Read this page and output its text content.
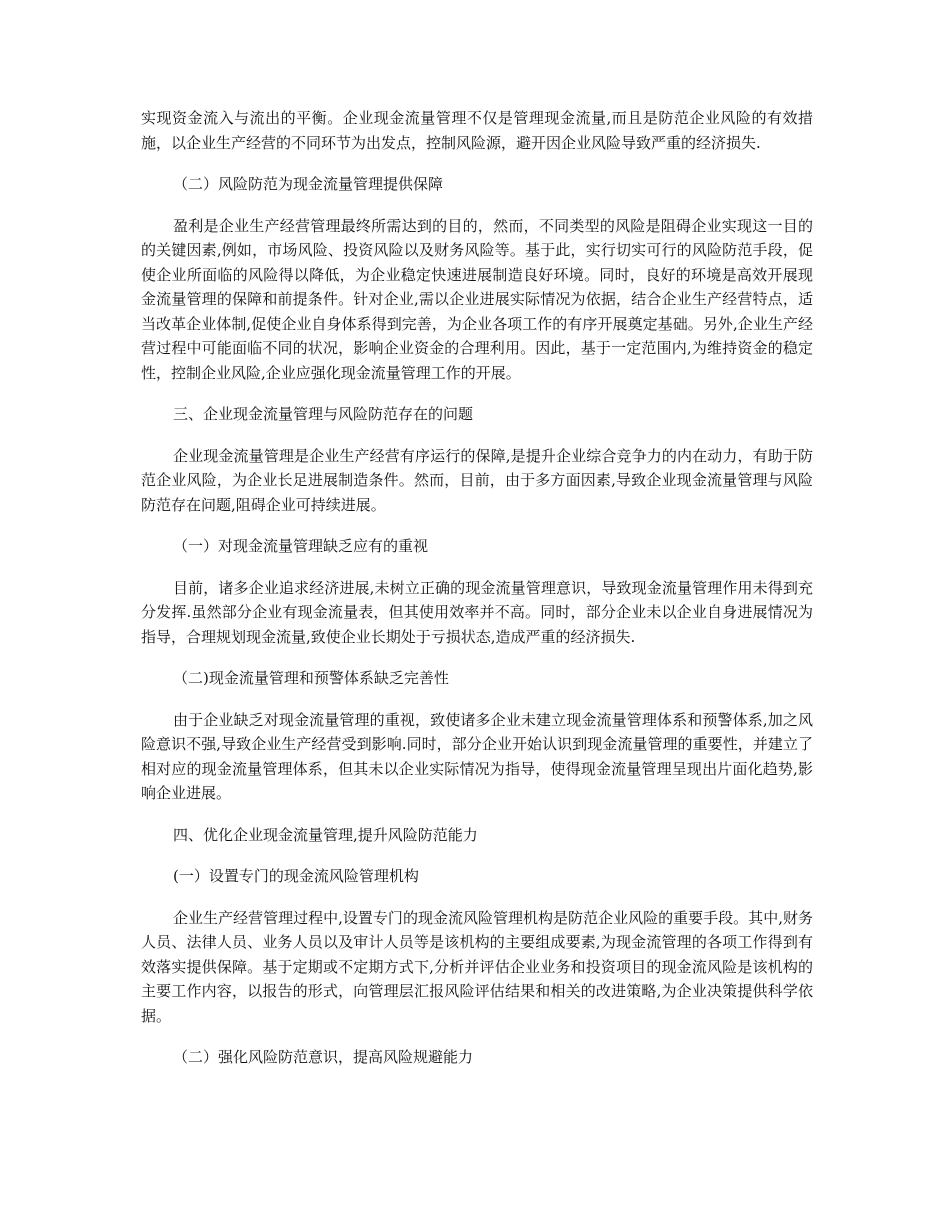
实现资金流入与流出的平衡。企业现金流量管理不仅是管理现金流量,而且是防范企业风险的有效措施，以企业生产经营的不同环节为出发点，控制风险源，避开因企业风险导致严重的经济损失.

（二）风险防范为现金流量管理提供保障

盈利是企业生产经营管理最终所需达到的目的，然而，不同类型的风险是阻碍企业实现这一目的的关键因素,例如，市场风险、投资风险以及财务风险等。基于此，实行切实可行的风险防范手段，促使企业所面临的风险得以降低，为企业稳定快速进展制造良好环境。同时，良好的环境是高效开展现金流量管理的保障和前提条件。针对企业,需以企业进展实际情况为依据，结合企业生产经营特点，适当改革企业体制,促使企业自身体系得到完善，为企业各项工作的有序开展奠定基础。另外,企业生产经营过程中可能面临不同的状况，影响企业资金的合理利用。因此，基于一定范围内,为维持资金的稳定性，控制企业风险,企业应强化现金流量管理工作的开展。

三、企业现金流量管理与风险防范存在的问题

企业现金流量管理是企业生产经营有序运行的保障,是提升企业综合竞争力的内在动力，有助于防范企业风险，为企业长足进展制造条件。然而，目前，由于多方面因素,导致企业现金流量管理与风险防范存在问题,阻碍企业可持续进展。

（一）对现金流量管理缺乏应有的重视

目前，诸多企业追求经济进展,未树立正确的现金流量管理意识，导致现金流量管理作用未得到充分发挥.虽然部分企业有现金流量表，但其使用效率并不高。同时，部分企业未以企业自身进展情况为指导，合理规划现金流量,致使企业长期处于亏损状态,造成严重的经济损失.

（二)现金流量管理和预警体系缺乏完善性

由于企业缺乏对现金流量管理的重视，致使诸多企业未建立现金流量管理体系和预警体系,加之风险意识不强,导致企业生产经营受到影响.同时，部分企业开始认识到现金流量管理的重要性，并建立了相对应的现金流量管理体系，但其未以企业实际情况为指导，使得现金流量管理呈现出片面化趋势,影响企业进展。

四、优化企业现金流量管理,提升风险防范能力

(一）设置专门的现金流风险管理机构

企业生产经营管理过程中,设置专门的现金流风险管理机构是防范企业风险的重要手段。其中,财务人员、法律人员、业务人员以及审计人员等是该机构的主要组成要素,为现金流管理的各项工作得到有效落实提供保障。基于定期或不定期方式下,分析并评估企业业务和投资项目的现金流风险是该机构的主要工作内容，以报告的形式，向管理层汇报风险评估结果和相关的改进策略,为企业决策提供科学依据。

（二）强化风险防范意识，提高风险规避能力
